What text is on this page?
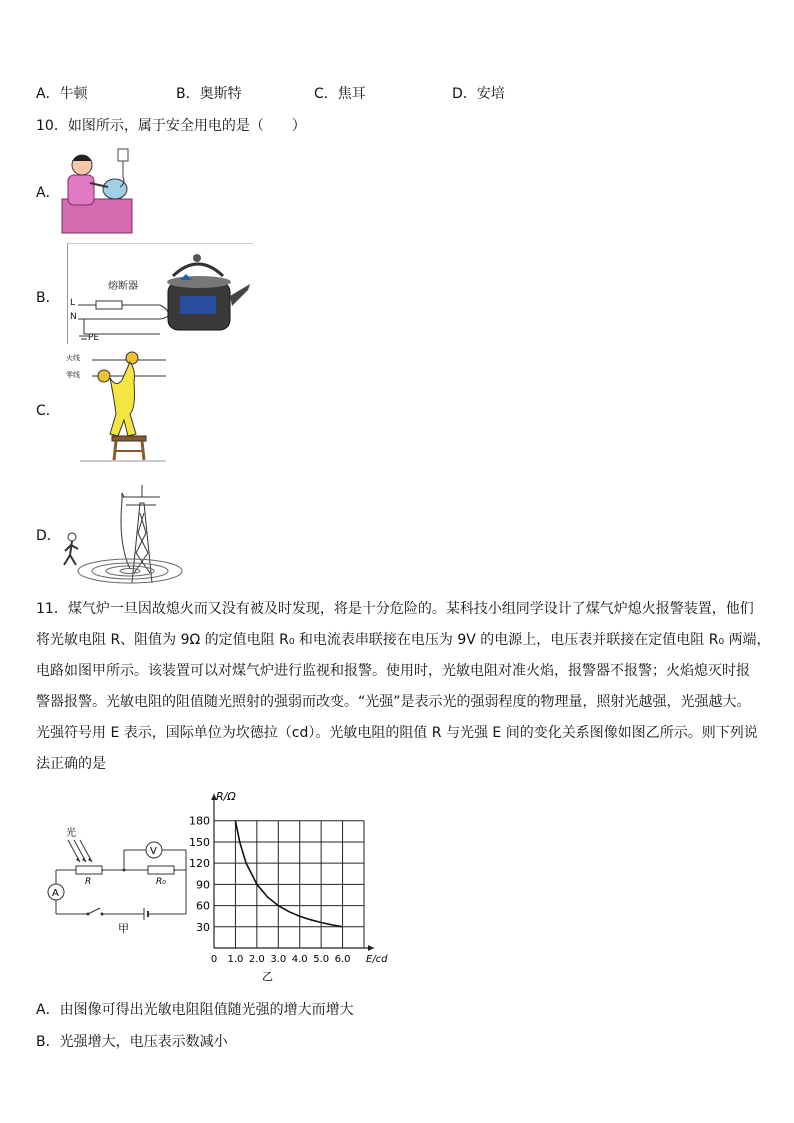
A．牛顿	B．奥斯特	C．焦耳	D．安培
10．如图所示，属于安全用电的是（　　）
A．
B．
熔断器
L
N
PE
C．
火线
零线
D．
11．煤气炉一旦因故熄火而又没有被及时发现，将是十分危险的。某科技小组同学设计了煤气炉熄火报警装置，他们
将光敏电阻 R、阻值为 9Ω 的定值电阻 R₀ 和电流表串联接在电压为 9V 的电源上，电压表并联接在定值电阻 R₀ 两端，
电路如图甲所示。该装置可以对煤气炉进行监视和报警。使用时，光敏电阻对准火焰，报警器不报警；火焰熄灭时报
警器报警。光敏电阻的阻值随光照射的强弱而改变。“光强”是表示光的强弱程度的物理量，照射光越强，光强越大。
光强符号用 E 表示，国际单位为坎德拉（cd）。光敏电阻的阻值 R 与光强 E 间的变化关系图像如图乙所示。则下列说
法正确的是
光
R	R₀
V
A
甲	30
60
90
120
150
180
0 1.0 2.0 3.0 4.0 5.0 6.0
R/Ω
E/cd
乙
A．由图像可得出光敏电阻阻值随光强的增大而增大
B．光强增大，电压表示数减小
